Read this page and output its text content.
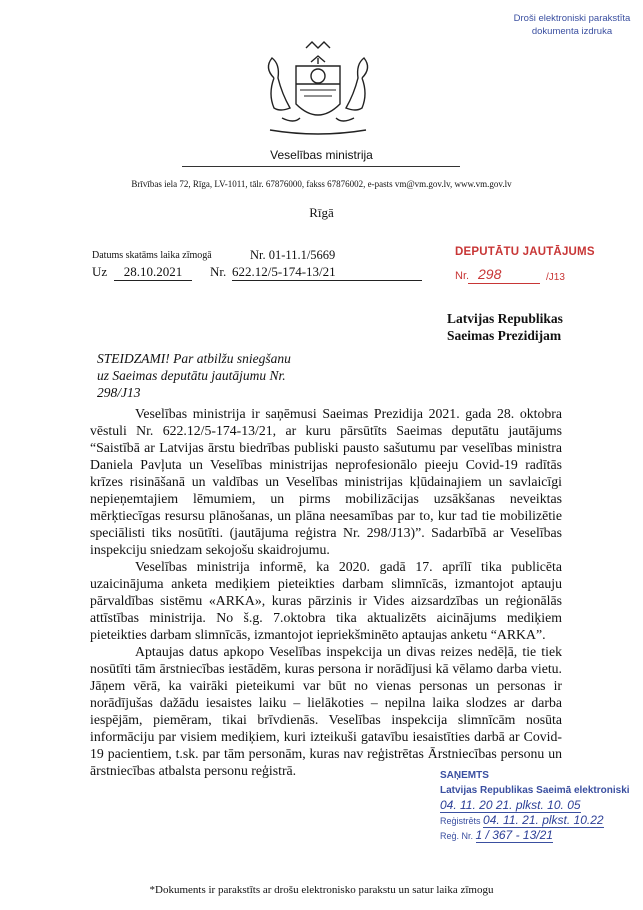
Droši elektroniski parakstīta
dokumenta izdruka
Veselības ministrija
Brīvības iela 72, Rīga, LV-1011, tālr. 67876000, fakss 67876002, e-pasts vm@vm.gov.lv, www.vm.gov.lv
Rīgā
Datums skatāms laika zīmogā	Nr. 01-11.1/5669
Uz	28.10.2021	Nr. 622.12/5-174-13/21
DEPUTĀTU JAUTĀJUMS
Nr. 298	/J13
Latvijas Republikas
Saeimas Prezidijam
STEIDZAMI! Par atbilžu sniegšanu
uz Saeimas deputātu jautājumu Nr.
298/J13

Veselības ministrija ir saņēmusi Saeimas Prezidija 2021. gada 28. oktobra vēstuli Nr. 622.12/5-174-13/21, ar kuru pārsūtīts Saeimas deputātu jautājums “Saistībā ar Latvijas ārstu biedrības publiski pausto sašutumu par veselības ministra Daniela Pavļuta un Veselības ministrijas neprofesionālo pieeju Covid-19 radītās krīzes risināšanā un valdības un Veselības ministrijas kļūdainajiem un savlaicīgi nepieņemtajiem lēmumiem, un pirms mobilizācijas uzsākšanas neveiktas mērķtiecīgas resursu plānošanas, un plāna neesamības par to, kur tad tie mobilizētie speciālisti tiks nosūtīti. (jautājuma reģistra Nr. 298/J13)”. Sadarbībā ar Veselības inspekciju sniedzam sekojošu skaidrojumu.

Veselības ministrija informē, ka 2020. gadā 17. aprīlī tika publicēta uzaicinājuma anketa mediķiem pieteikties darbam slimnīcās, izmantojot aptauju pārvaldības sistēmu «ARKA», kuras pārzinis ir Vides aizsardzības un reģionālās attīstības ministrija. No š.g. 7.oktobra tika aktualizēts aicinājums mediķiem pieteikties darbam slimnīcās, izmantojot iepriekšminēto aptaujas anketu “ARKA”.

Aptaujas datus apkopo Veselības inspekcija un divas reizes nedēļā, tie tiek nosūtīti tām ārstniecības iestādēm, kuras persona ir norādījusi kā vēlamo darba vietu. Jāņem vērā, ka vairāki pieteikumi var būt no vienas personas un personas ir norādījušas dažādu iesaistes laiku – lielākoties – nepilna laika slodzes ar darba iespējām, piemēram, tikai brīvdienās. Veselības inspekcija slimnīcām nosūta informāciju par visiem mediķiem, kuri izteikuši gatavību iesaistīties darbā ar Covid-19 pacientiem, t.sk. par tām personām, kuras nav reģistrētas Ārstniecības personu un ārstniecības atbalsta personu reģistrā.	SAŅEMTS
Latvijas Republikas Saeimā elektroniski
04. 11. 20 21. plkst. 10. 05
Reģistrēts 04. 11. 21. plkst. 10.22
Reģ. Nr. 1 / 367 - 13/21
*Dokuments ir parakstīts ar drošu elektronisko parakstu un satur laika zīmogu
